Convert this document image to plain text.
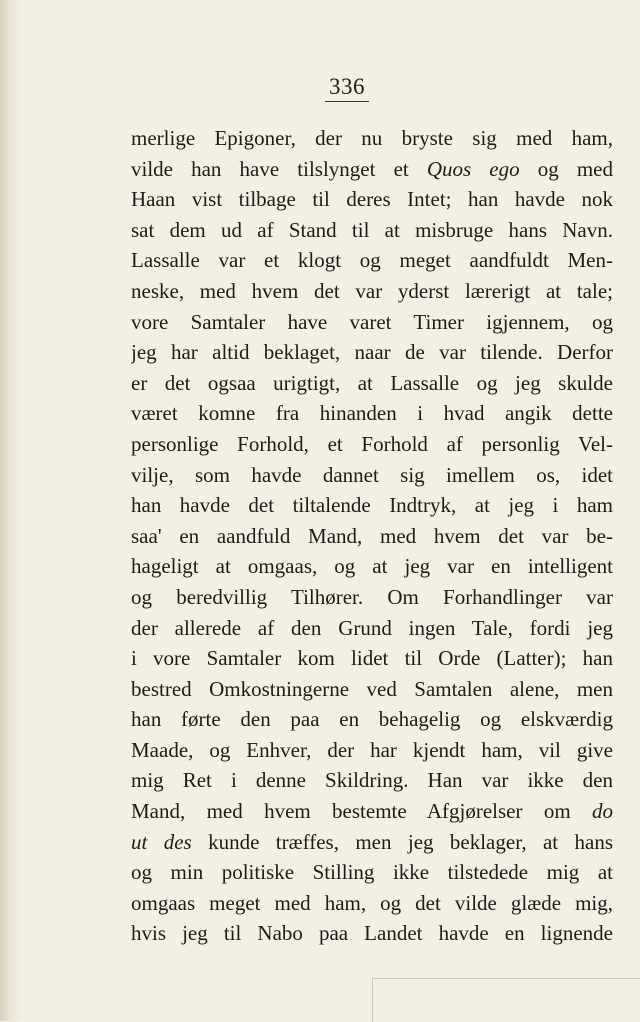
336
merlige Epigoner, der nu bryste sig med ham,
vilde han have tilslynget et Quos ego og med
Haan vist tilbage til deres Intet; han havde nok
sat dem ud af Stand til at misbruge hans Navn.
Lassalle var et klogt og meget aandfuldt Men-
neske, med hvem det var yderst lærerigt at tale;
vore Samtaler have varet Timer igjennem, og
jeg har altid beklaget, naar de var tilende. Derfor
er det ogsaa urigtigt, at Lassalle og jeg skulde
været komne fra hinanden i hvad angik dette
personlige Forhold, et Forhold af personlig Vel-
vilje, som havde dannet sig imellem os, idet
han havde det tiltalende Indtryk, at jeg i ham
saa' en aandfuld Mand, med hvem det var be-
hageligt at omgaas, og at jeg var en intelligent
og beredvillig Tilhører. Om Forhandlinger var
der allerede af den Grund ingen Tale, fordi jeg
i vore Samtaler kom lidet til Orde (Latter); han
bestred Omkostningerne ved Samtalen alene, men
han førte den paa en behagelig og elskværdig
Maade, og Enhver, der har kjendt ham, vil give
mig Ret i denne Skildring. Han var ikke den
Mand, med hvem bestemte Afgjørelser om do
ut des kunde træffes, men jeg beklager, at hans
og min politiske Stilling ikke tilstedede mig at
omgaas meget med ham, og det vilde glæde mig,
hvis jeg til Nabo paa Landet havde en lignende
